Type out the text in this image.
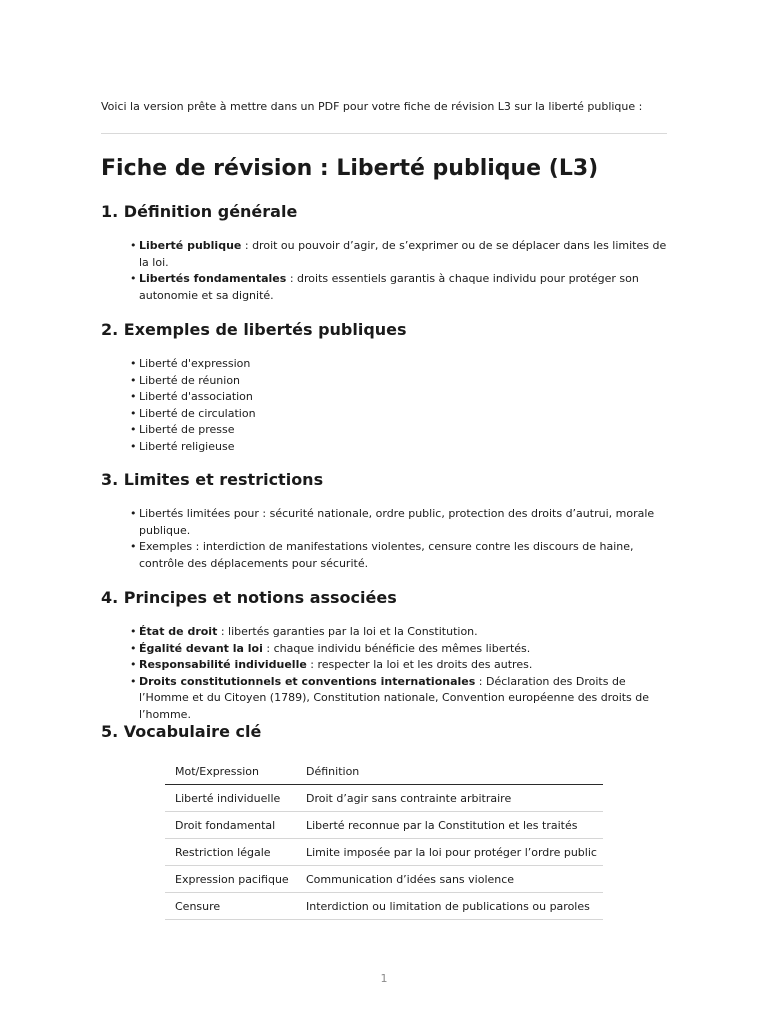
Voici la version prête à mettre dans un PDF pour votre fiche de révision L3 sur la liberté publique :
Fiche de révision : Liberté publique (L3)
1. Définition générale
• Liberté publique : droit ou pouvoir d’agir, de s’exprimer ou de se déplacer dans les limites de la loi.
• Libertés fondamentales : droits essentiels garantis à chaque individu pour protéger son autonomie et sa dignité.
2. Exemples de libertés publiques
• Liberté d'expression
• Liberté de réunion
• Liberté d'association
• Liberté de circulation
• Liberté de presse
• Liberté religieuse
3. Limites et restrictions
• Libertés limitées pour : sécurité nationale, ordre public, protection des droits d’autrui, morale publique.
• Exemples : interdiction de manifestations violentes, censure contre les discours de haine, contrôle des déplacements pour sécurité.
4. Principes et notions associées
• État de droit : libertés garanties par la loi et la Constitution.
• Égalité devant la loi : chaque individu bénéficie des mêmes libertés.
• Responsabilité individuelle : respecter la loi et les droits des autres.
• Droits constitutionnels et conventions internationales : Déclaration des Droits de l’Homme et du Citoyen (1789), Constitution nationale, Convention européenne des droits de l’homme.
5. Vocabulaire clé
Mot/Expression	Définition
Liberté individuelle	Droit d’agir sans contrainte arbitraire
Droit fondamental	Liberté reconnue par la Constitution et les traités
Restriction légale	Limite imposée par la loi pour protéger l’ordre public
Expression pacifique	Communication d’idées sans violence
Censure	Interdiction ou limitation de publications ou paroles
1
